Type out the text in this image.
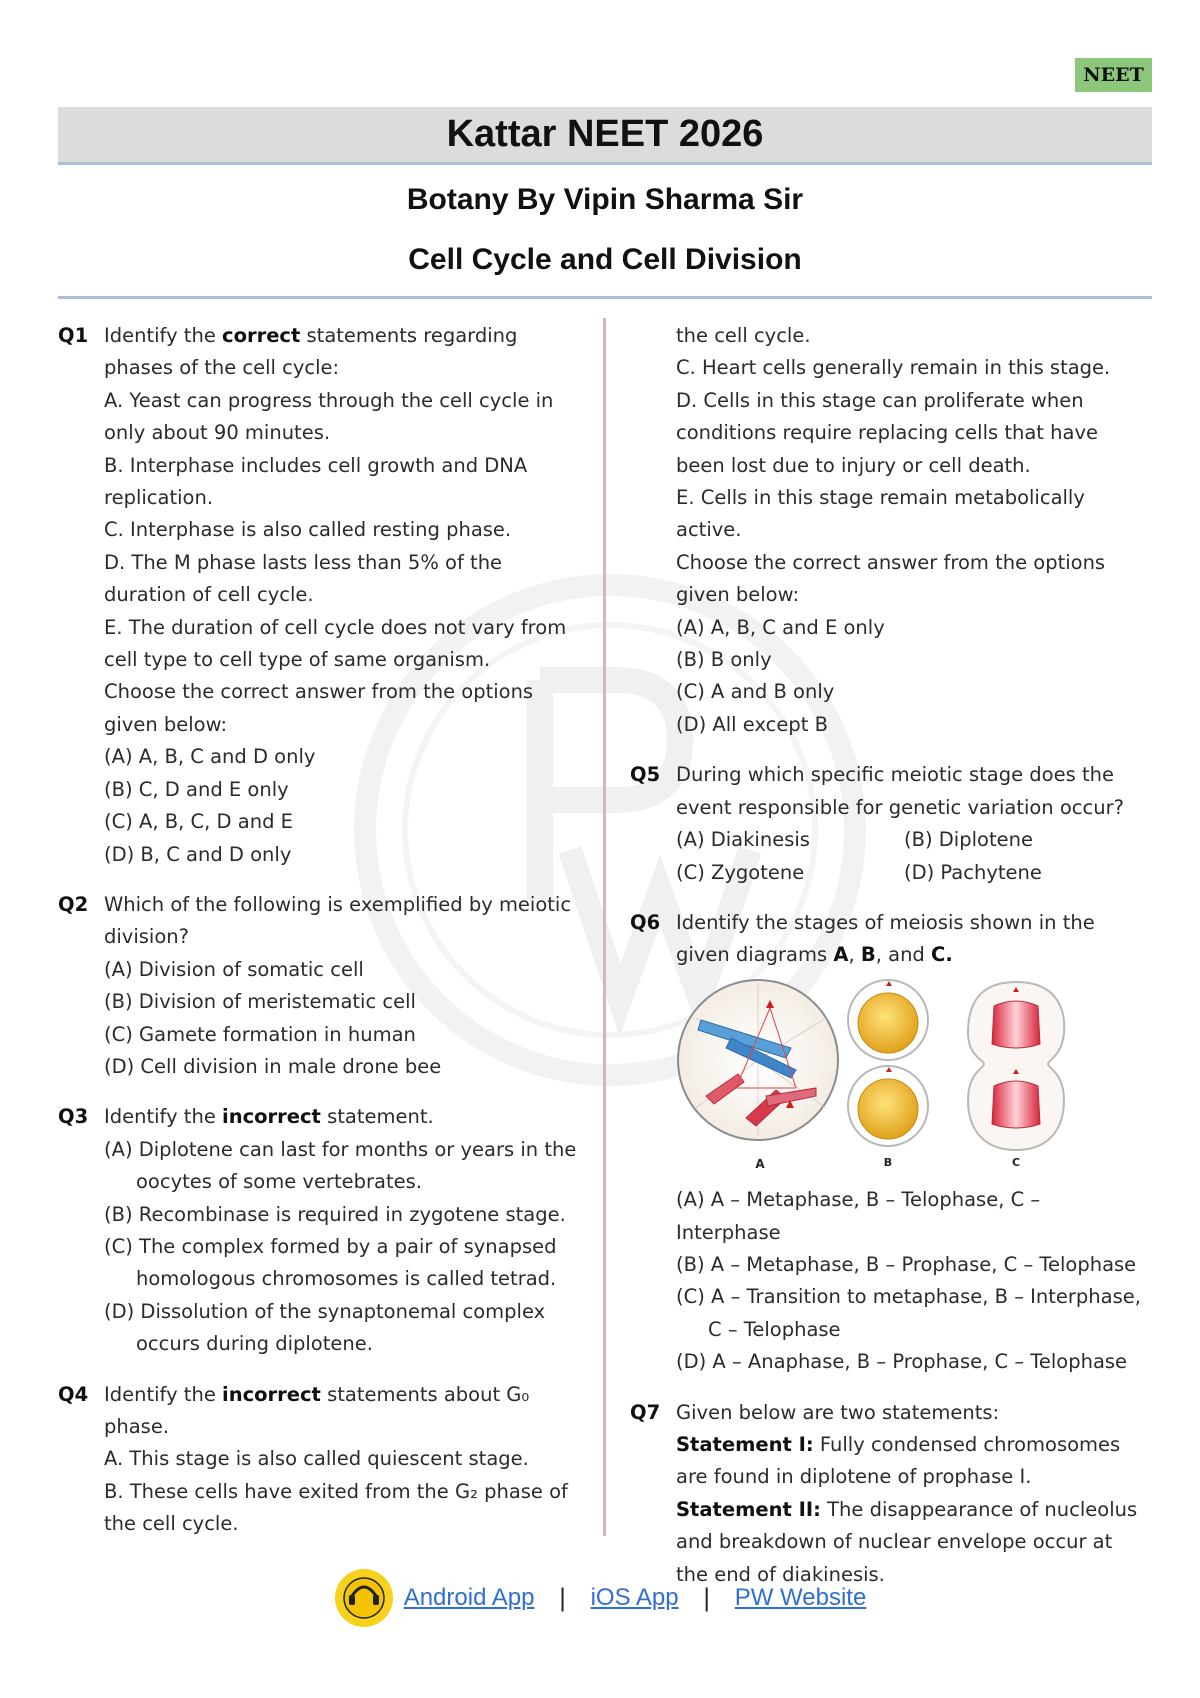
NEET
Kattar NEET 2026
Botany By Vipin Sharma Sir
Cell Cycle and Cell Division
Q1 Identify the correct statements regarding phases of the cell cycle:
A. Yeast can progress through the cell cycle in only about 90 minutes.
B. Interphase includes cell growth and DNA replication.
C. Interphase is also called resting phase.
D. The M phase lasts less than 5% of the duration of cell cycle.
E. The duration of cell cycle does not vary from cell type to cell type of same organism.
Choose the correct answer from the options given below:
(A) A, B, C and D only
(B) C, D and E only
(C) A, B, C, D and E
(D) B, C and D only
Q2 Which of the following is exemplified by meiotic division?
(A) Division of somatic cell
(B) Division of meristematic cell
(C) Gamete formation in human
(D) Cell division in male drone bee
Q3 Identify the incorrect statement.
(A) Diplotene can last for months or years in the oocytes of some vertebrates.
(B) Recombinase is required in zygotene stage.
(C) The complex formed by a pair of synapsed homologous chromosomes is called tetrad.
(D) Dissolution of the synaptonemal complex occurs during diplotene.
Q4 Identify the incorrect statements about G₀ phase.
A. This stage is also called quiescent stage.
B. These cells have exited from the G₂ phase of the cell cycle.
the cell cycle.
C. Heart cells generally remain in this stage.
D. Cells in this stage can proliferate when conditions require replacing cells that have been lost due to injury or cell death.
E. Cells in this stage remain metabolically active.
Choose the correct answer from the options given below:
(A) A, B, C and E only
(B) B only
(C) A and B only
(D) All except B
Q5 During which specific meiotic stage does the event responsible for genetic variation occur?
(A) Diakinesis	(B) Diplotene
(C) Zygotene	(D) Pachytene
Q6 Identify the stages of meiosis shown in the given diagrams A, B, and C.
A	B	C
(A) A – Metaphase, B – Telophase, C – Interphase
(B) A – Metaphase, B – Prophase, C – Telophase
(C) A – Transition to metaphase, B – Interphase, C – Telophase
(D) A – Anaphase, B – Prophase, C – Telophase
Q7 Given below are two statements:
Statement I: Fully condensed chromosomes are found in diplotene of prophase I.
Statement II: The disappearance of nucleolus and breakdown of nuclear envelope occur at the end of diakinesis.
Android App | iOS App | PW Website
